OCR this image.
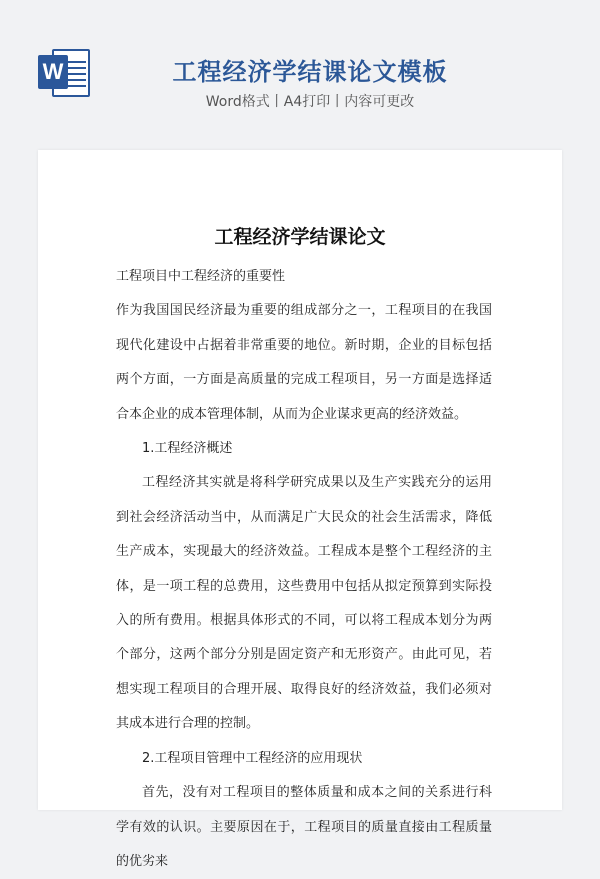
W	工程经济学结课论文模板
Word格式丨A4打印丨内容可更改
工程经济学结课论文

工程项目中工程经济的重要性

作为我国国民经济最为重要的组成部分之一，工程项目的在我国现代化建设中占据着非常重要的地位。新时期，企业的目标包括两个方面，一方面是高质量的完成工程项目，另一方面是选择适合本企业的成本管理体制，从而为企业谋求更高的经济效益。

1.工程经济概述

工程经济其实就是将科学研究成果以及生产实践充分的运用到社会经济活动当中，从而满足广大民众的社会生活需求，降低生产成本，实现最大的经济效益。工程成本是整个工程经济的主体，是一项工程的总费用，这些费用中包括从拟定预算到实际投入的所有费用。根据具体形式的不同，可以将工程成本划分为两个部分，这两个部分分别是固定资产和无形资产。由此可见，若想实现工程项目的合理开展、取得良好的经济效益，我们必须对其成本进行合理的控制。

2.工程项目管理中工程经济的应用现状

首先，没有对工程项目的整体质量和成本之间的关系进行科学有效的认识。主要原因在于，工程项目的质量直接由工程质量的优劣来
